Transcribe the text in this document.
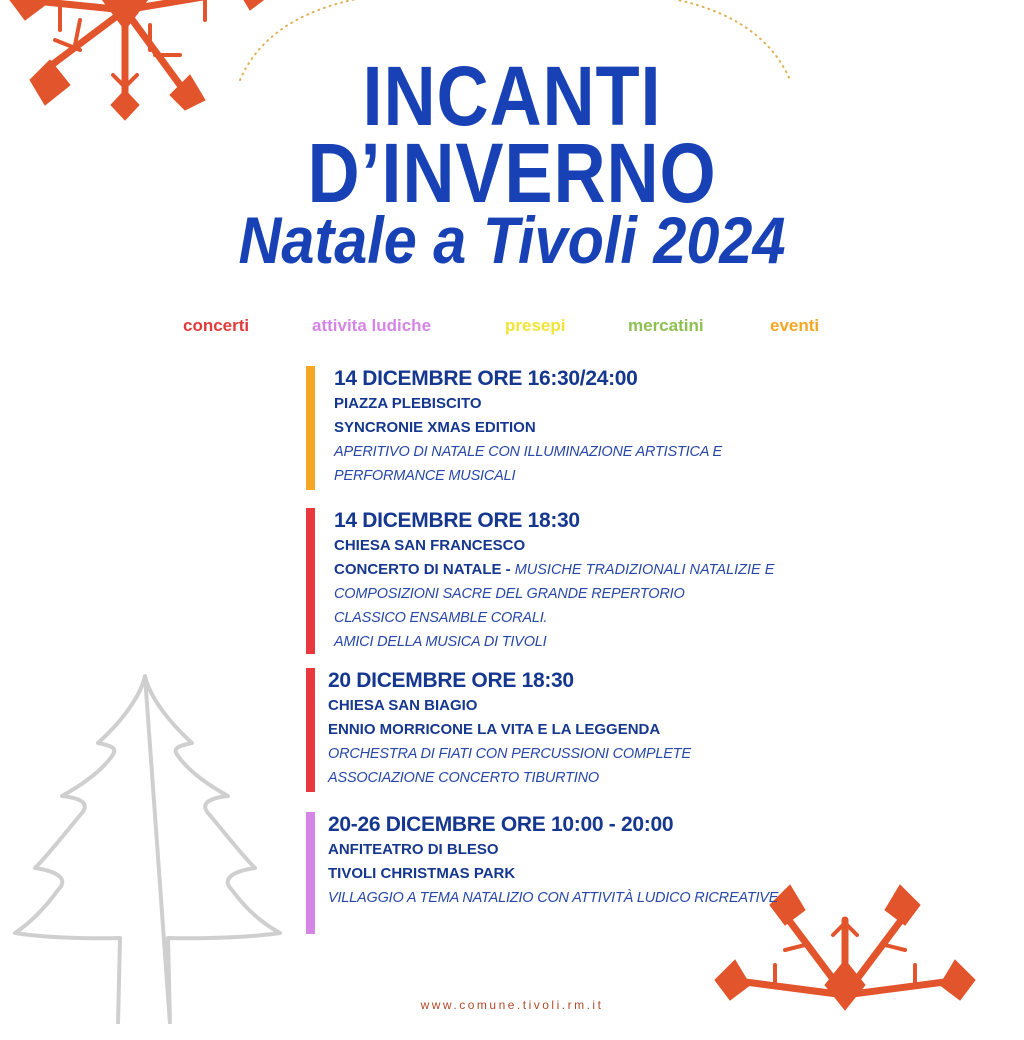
INCANTI
D’INVERNO
Natale a Tivoli 2024
concerti	attivita ludiche	presepi	mercatini	eventi
14 DICEMBRE ORE 16:30/24:00
PIAZZA PLEBISCITO
SYNCRONIE XMAS EDITION
APERITIVO DI NATALE CON ILLUMINAZIONE ARTISTICA E
PERFORMANCE MUSICALI
14 DICEMBRE ORE 18:30
CHIESA SAN FRANCESCO
CONCERTO DI NATALE - MUSICHE TRADIZIONALI NATALIZIE E
COMPOSIZIONI SACRE DEL GRANDE REPERTORIO
CLASSICO ENSAMBLE CORALI.
AMICI DELLA MUSICA DI TIVOLI
20 DICEMBRE ORE 18:30
CHIESA SAN BIAGIO
ENNIO MORRICONE LA VITA E LA LEGGENDA
ORCHESTRA DI FIATI CON PERCUSSIONI COMPLETE
ASSOCIAZIONE CONCERTO TIBURTINO
20-26 DICEMBRE ORE 10:00 - 20:00
ANFITEATRO DI BLESO
TIVOLI CHRISTMAS PARK
VILLAGGIO A TEMA NATALIZIO CON ATTIVITÀ LUDICO RICREATIVE
www.comune.tivoli.rm.it
